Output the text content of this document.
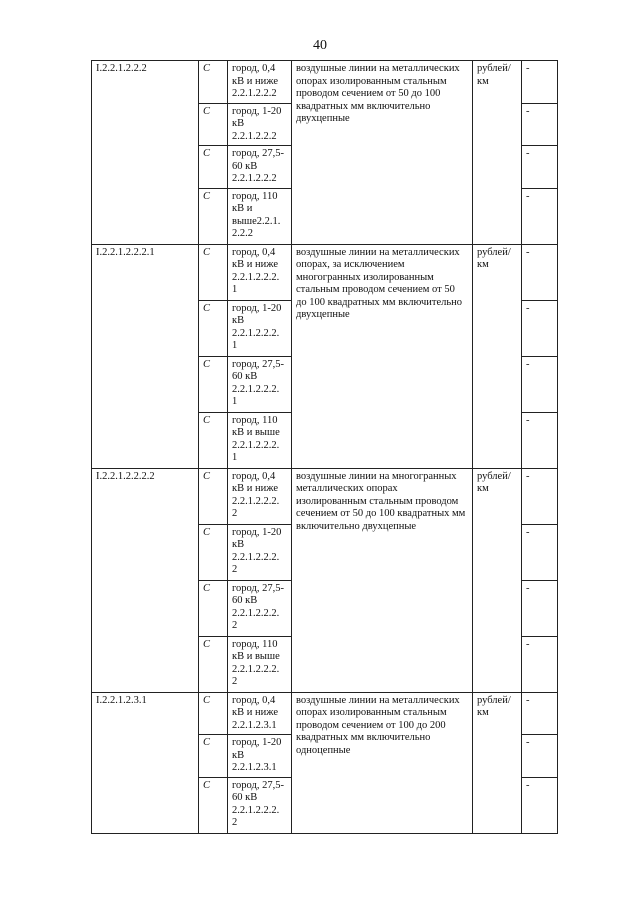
40
I.2.2.1.2.2.2	С	город, 0,4 кВ и ниже 2.2.1.2.2.2	воздушные линии на металлических опорах изолированным стальным проводом сечением от 50 до 100 квадратных мм включительно двухцепные	рублей/ км	-
	С	город, 1-20 кВ 2.2.1.2.2.2			-
	С	город, 27,5-60 кВ 2.2.1.2.2.2			-
	С	город, 110 кВ и выше2.2.1. 2.2.2			-
I.2.2.1.2.2.2.1	С	город, 0,4 кВ и ниже 2.2.1.2.2.2. 1	воздушные линии на металлических опорах, за исключением многогранных изолированным стальным проводом сечением от 50 до 100 квадратных мм включительно двухцепные	рублей/ км	-
	С	город, 1-20 кВ 2.2.1.2.2.2. 1			-
	С	город, 27,5-60 кВ 2.2.1.2.2.2. 1			-
	С	город, 110 кВ и выше 2.2.1.2.2.2. 1			-
I.2.2.1.2.2.2.2	С	город, 0,4 кВ и ниже 2.2.1.2.2.2. 2	воздушные линии на многогранных металлических опорах изолированным стальным проводом сечением от 50 до 100 квадратных мм включительно двухцепные	рублей/ км	-
	С	город, 1-20 кВ 2.2.1.2.2.2. 2			-
	С	город, 27,5-60 кВ 2.2.1.2.2.2. 2			-
	С	город, 110 кВ и выше 2.2.1.2.2.2. 2			-
I.2.2.1.2.3.1	С	город, 0,4 кВ и ниже 2.2.1.2.3.1	воздушные линии на металлических опорах изолированным стальным проводом сечением от 100 до 200 квадратных мм включительно одноцепные	рублей/ км	-
	С	город, 1-20 кВ 2.2.1.2.3.1			-
	С	город, 27,5-60 кВ 2.2.1.2.2.2. 2			-
